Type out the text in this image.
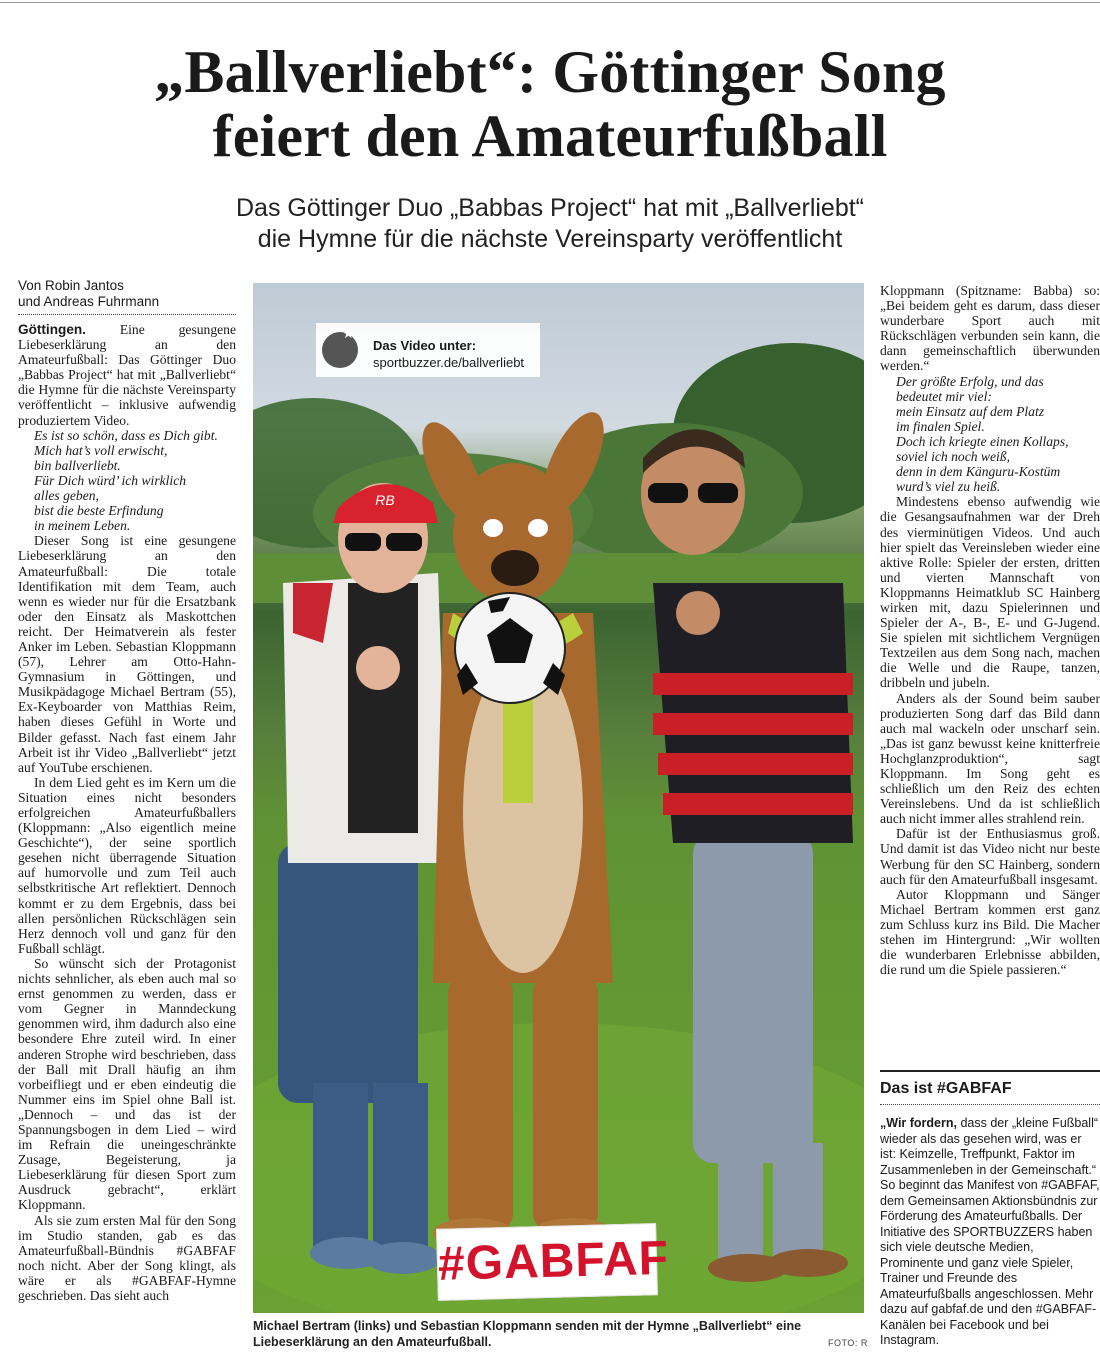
„Ballverliebt“: Göttinger Song
feiert den Amateurfußball
Das Göttinger Duo „Babbas Project“ hat mit „Ballverliebt“
die Hymne für die nächste Vereinsparty veröffentlicht
Von Robin Jantos
und Andreas Fuhrmann

Göttingen. Eine gesungene Liebeserklärung an den Amateurfußball: Das Göttinger Duo „Babbas Project“ hat mit „Ballverliebt“ die Hymne für die nächste Vereinsparty veröffentlicht – inklusive aufwendig produziertem Video.

Es ist so schön, dass es Dich gibt.
Mich hat’s voll erwischt,
bin ballverliebt.
Für Dich würd’ ich wirklich
alles geben,
bist die beste Erfindung
in meinem Leben.

Dieser Song ist eine gesungene Liebeserklärung an den Amateurfußball: Die totale Identifikation mit dem Team, auch wenn es wieder nur für die Ersatzbank oder den Einsatz als Maskottchen reicht. Der Heimatverein als fester Anker im Leben. Sebastian Kloppmann (57), Lehrer am Otto-Hahn-Gymnasium in Göttingen, und Musikpädagoge Michael Bertram (55), Ex-Keyboarder von Matthias Reim, haben dieses Gefühl in Worte und Bilder gefasst. Nach fast einem Jahr Arbeit ist ihr Video „Ballverliebt“ jetzt auf YouTube erschienen.

In dem Lied geht es im Kern um die Situation eines nicht besonders erfolgreichen Amateurfußballers (Kloppmann: „Also eigentlich meine Geschichte“), der seine sportlich gesehen nicht überragende Situation auf humorvolle und zum Teil auch selbstkritische Art reflektiert. Dennoch kommt er zu dem Ergebnis, dass bei allen persönlichen Rückschlägen sein Herz dennoch voll und ganz für den Fußball schlägt.

So wünscht sich der Protagonist nichts sehnlicher, als eben auch mal so ernst genommen zu werden, dass er vom Gegner in Manndeckung genommen wird, ihm dadurch also eine besondere Ehre zuteil wird. In einer anderen Strophe wird beschrieben, dass der Ball mit Drall häufig an ihm vorbeifliegt und er eben eindeutig die Nummer eins im Spiel ohne Ball ist. „Dennoch – und das ist der Spannungsbogen in dem Lied – wird im Refrain die uneingeschränkte Zusage, Begeisterung, ja Liebeserklärung für diesen Sport zum Ausdruck gebracht“, erklärt Kloppmann.

Als sie zum ersten Mal für den Song im Studio standen, gab es das Amateurfußball-Bündnis #GABFAF noch nicht. Aber der Song klingt, als wäre er als #GABFAF-Hymne geschrieben. Das sieht auch

RB
★
Das Video unter:
sportbuzzer.de/ballverliebt
#GABFAF
Michael Bertram (links) und Sebastian Kloppmann senden mit der Hymne „Ballverliebt“ eine Liebeserklärung an den Amateurfußball.	FOTO: R

Kloppmann (Spitzname: Babba) so: „Bei beidem geht es darum, dass dieser wunderbare Sport auch mit Rückschlägen verbunden sein kann, die dann gemeinschaftlich überwunden werden.“

Der größte Erfolg, und das
bedeutet mir viel:
mein Einsatz auf dem Platz
im finalen Spiel.
Doch ich kriegte einen Kollaps,
soviel ich noch weiß,
denn in dem Känguru-Kostüm
wurd’s viel zu heiß.

Mindestens ebenso aufwendig wie die Gesangsaufnahmen war der Dreh des vierminütigen Videos. Und auch hier spielt das Vereinsleben wieder eine aktive Rolle: Spieler der ersten, dritten und vierten Mannschaft von Kloppmanns Heimatklub SC Hainberg wirken mit, dazu Spielerinnen und Spieler der A-, B-, E- und G-Jugend. Sie spielen mit sichtlichem Vergnügen Textzeilen aus dem Song nach, machen die Welle und die Raupe, tanzen, dribbeln und jubeln.

Anders als der Sound beim sauber produzierten Song darf das Bild dann auch mal wackeln oder unscharf sein. „Das ist ganz bewusst keine knitterfreie Hochglanzproduktion“, sagt Kloppmann. Im Song geht es schließlich um den Reiz des echten Vereinslebens. Und da ist schließlich auch nicht immer alles strahlend rein.

Dafür ist der Enthusiasmus groß. Und damit ist das Video nicht nur beste Werbung für den SC Hainberg, sondern auch für den Amateurfußball insgesamt.

Autor Kloppmann und Sänger Michael Bertram kommen erst ganz zum Schluss kurz ins Bild. Die Macher stehen im Hintergrund: „Wir wollten die wunderbaren Erlebnisse abbilden, die rund um die Spiele passieren.“

Das ist #GABFAF
„Wir fordern, dass der „kleine Fußball“ wieder als das gesehen wird, was er ist: Keimzelle, Treffpunkt, Faktor im Zusammenleben in der Gemeinschaft.“ So beginnt das Manifest von #GABFAF, dem Gemeinsamen Aktionsbündnis zur Förderung des Amateurfußballs. Der Initiative des SPORTBUZZERS haben sich viele deutsche Medien, Prominente und ganz viele Spieler, Trainer und Freunde des Amateurfußballs angeschlossen. Mehr dazu auf gabfaf.de und den #GABFAF-Kanälen bei Facebook und bei Instagram.
